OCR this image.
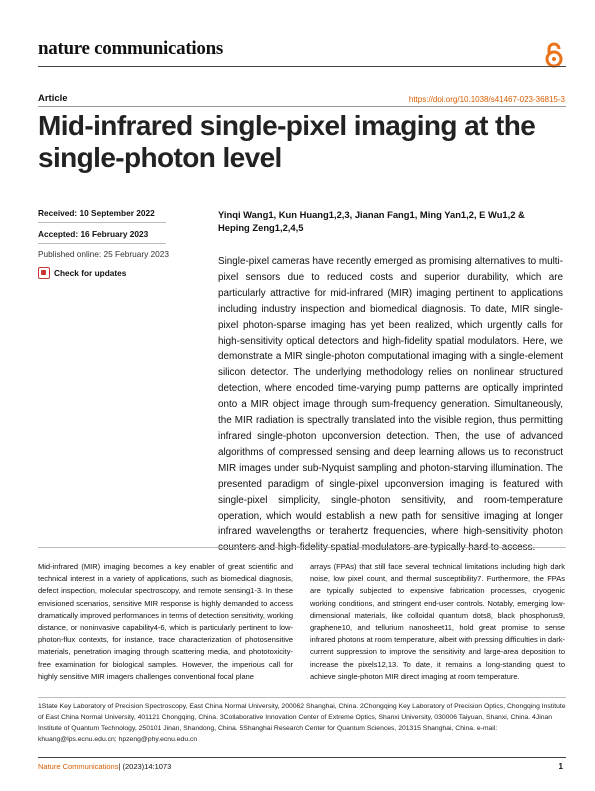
nature communications
Article	https://doi.org/10.1038/s41467-023-36815-3
Mid-infrared single-pixel imaging at the single-photon level
Received: 10 September 2022
Accepted: 16 February 2023
Published online: 25 February 2023
Check for updates
Yinqi Wang1, Kun Huang1,2,3, Jianan Fang1, Ming Yan1,2, E Wu1,2 & Heping Zeng1,2,4,5
Single-pixel cameras have recently emerged as promising alternatives to multi-pixel sensors due to reduced costs and superior durability, which are particularly attractive for mid-infrared (MIR) imaging pertinent to applications including industry inspection and biomedical diagnosis. To date, MIR single-pixel photon-sparse imaging has yet been realized, which urgently calls for high-sensitivity optical detectors and high-fidelity spatial modulators. Here, we demonstrate a MIR single-photon computational imaging with a single-element silicon detector. The underlying methodology relies on nonlinear structured detection, where encoded time-varying pump patterns are optically imprinted onto a MIR object image through sum-frequency generation. Simultaneously, the MIR radiation is spectrally translated into the visible region, thus permitting infrared single-photon upconversion detection. Then, the use of advanced algorithms of compressed sensing and deep learning allows us to reconstruct MIR images under sub-Nyquist sampling and photon-starving illumination. The presented paradigm of single-pixel upconversion imaging is featured with single-pixel simplicity, single-photon sensitivity, and room-temperature operation, which would establish a new path for sensitive imaging at longer infrared wavelengths or terahertz frequencies, where high-sensitivity photon
Mid-infrared (MIR) imaging becomes a key enabler of great scientific and technical interest in a variety of applications, such as biomedical diagnosis, defect inspection, molecular spectroscopy, and remote sensing1-3. In these envisioned scenarios, sensitive MIR response is highly demanded to access dramatically improved performances in terms of detection sensitivity, working distance, or noninvasive capability4-6, which is particularly pertinent to low-photon-flux contexts, for instance, trace characterization of photosensitive materials, penetration imaging through scattering media, and phototoxicity-free examination for biological samples. However, the imperious call for highly sensitive MIR imagers challenges conventional focal plane
arrays (FPAs) that still face several technical limitations including high dark noise, low pixel count, and thermal susceptibility7. Furthermore, the FPAs are typically subjected to expensive fabrication processes, cryogenic working conditions, and stringent end-user controls. Notably, emerging low-dimensional materials, like colloidal quantum dots8, black phosphorus9, graphene10, and tellurium nanosheet11, hold great promise to sense infrared photons at room temperature, albeit with pressing difficulties in dark-current suppression to improve the sensitivity and large-area deposition to increase the pixels12,13. To date, it remains a long-standing quest to achieve single-photon MIR direct imaging at room temperature.
1State Key Laboratory of Precision Spectroscopy, East China Normal University, 200062 Shanghai, China. 2Chongqing Key Laboratory of Precision Optics, Chongqing Institute of East China Normal University, 401121 Chongqing, China. 3Collaborative Innovation Center of Extreme Optics, Shanxi University, 030006 Taiyuan, Shanxi, China. 4Jinan Institute of Quantum Technology, 250101 Jinan, Shandong, China. 5Shanghai Research Center for Quantum Sciences, 201315 Shanghai, China. e-mail: khuang@lps.ecnu.edu.cn; hpzeng@phy.ecnu.edu.cn
Nature Communications| (2023)14:1073	1
